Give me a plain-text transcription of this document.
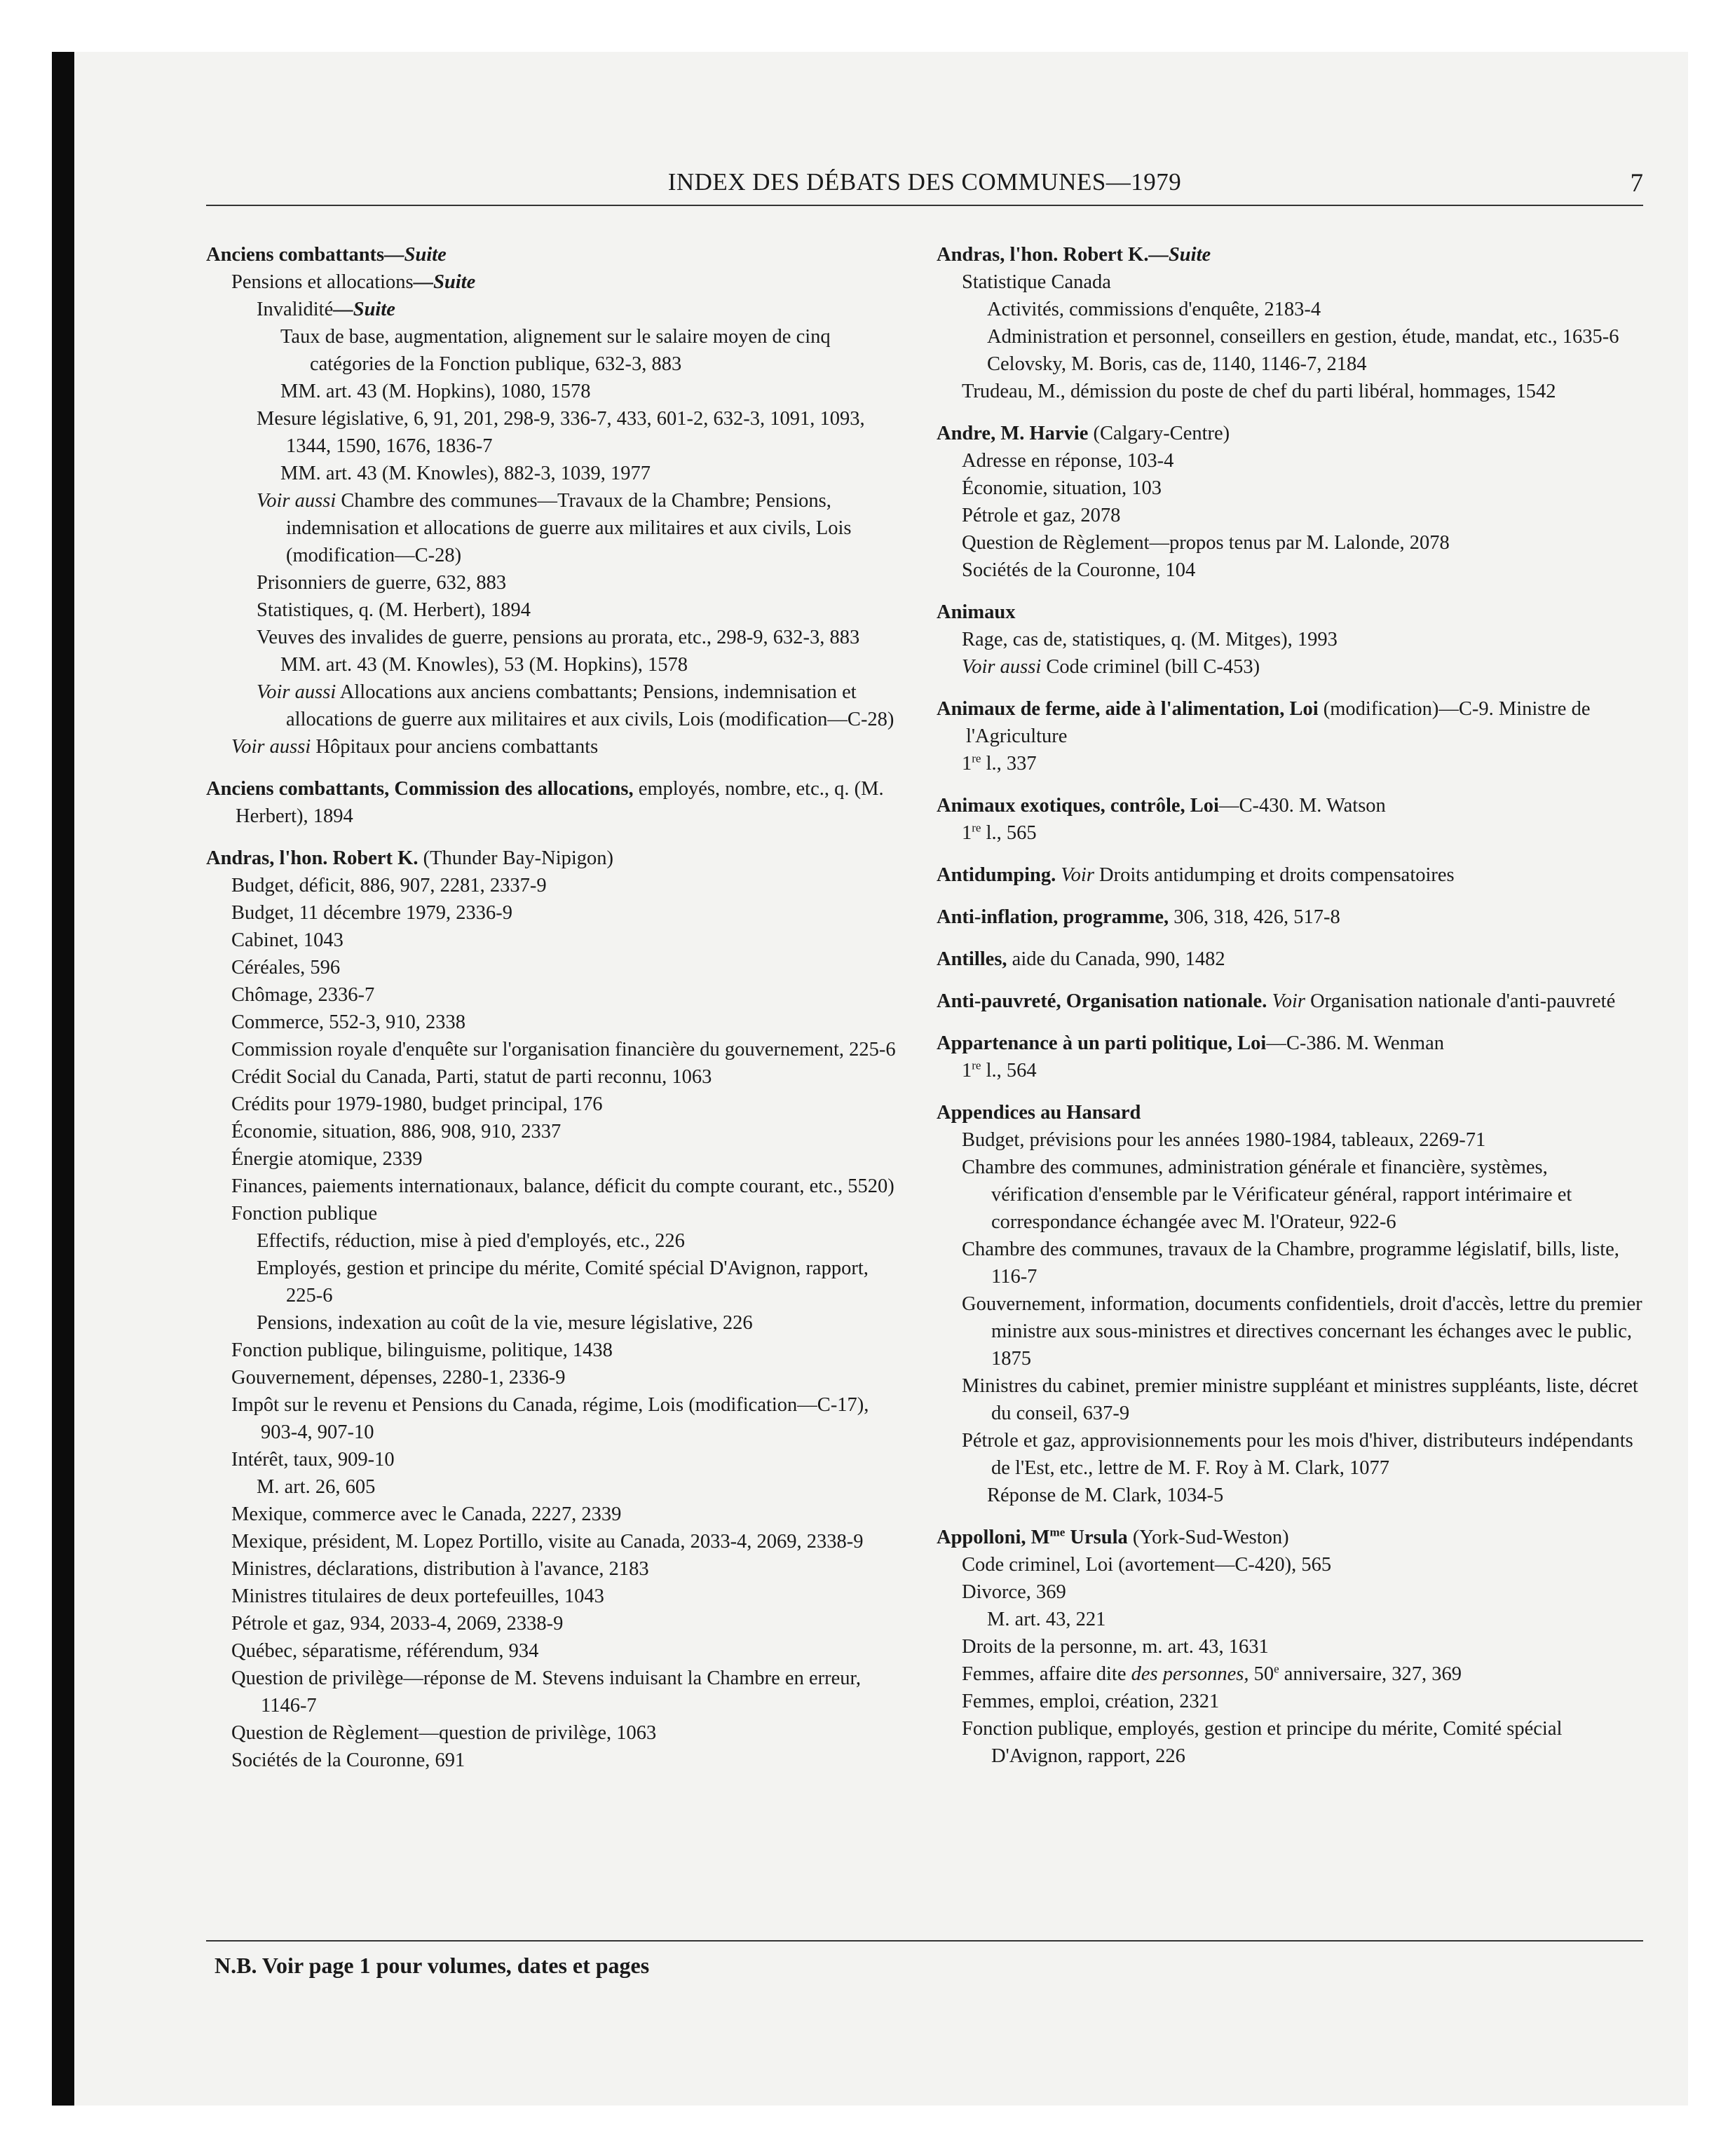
INDEX DES DÉBATS DES COMMUNES—1979	7
Anciens combattants—Suite
Pensions et allocations—Suite
Invalidité—Suite
Taux de base, augmentation, alignement sur le salaire moyen de cinq catégories de la Fonction publique, 632-3, 883
MM. art. 43 (M. Hopkins), 1080, 1578
Mesure législative, 6, 91, 201, 298-9, 336-7, 433, 601-2, 632-3, 1091, 1093, 1344, 1590, 1676, 1836-7
MM. art. 43 (M. Knowles), 882-3, 1039, 1977
Voir aussi Chambre des communes—Travaux de la Chambre; Pensions, indemnisation et allocations de guerre aux militaires et aux civils, Lois (modification—C-28)
Prisonniers de guerre, 632, 883
Statistiques, q. (M. Herbert), 1894
Veuves des invalides de guerre, pensions au prorata, etc., 298-9, 632-3, 883
MM. art. 43 (M. Knowles), 53 (M. Hopkins), 1578
Voir aussi Allocations aux anciens combattants; Pensions, indemnisation et allocations de guerre aux militaires et aux civils, Lois (modification—C-28)
Voir aussi Hôpitaux pour anciens combattants
Anciens combattants, Commission des allocations, employés, nombre, etc., q. (M. Herbert), 1894
Andras, l'hon. Robert K. (Thunder Bay-Nipigon)
Budget, déficit, 886, 907, 2281, 2337-9
Budget, 11 décembre 1979, 2336-9
Cabinet, 1043
Céréales, 596
Chômage, 2336-7
Commerce, 552-3, 910, 2338
Commission royale d'enquête sur l'organisation financière du gouvernement, 225-6
Crédit Social du Canada, Parti, statut de parti reconnu, 1063
Crédits pour 1979-1980, budget principal, 176
Économie, situation, 886, 908, 910, 2337
Énergie atomique, 2339
Finances, paiements internationaux, balance, déficit du compte courant, etc., 5520)
Fonction publique
Effectifs, réduction, mise à pied d'employés, etc., 226
Employés, gestion et principe du mérite, Comité spécial D'Avignon, rapport, 225-6
Pensions, indexation au coût de la vie, mesure législative, 226
Fonction publique, bilinguisme, politique, 1438
Gouvernement, dépenses, 2280-1, 2336-9
Impôt sur le revenu et Pensions du Canada, régime, Lois (modification—C-17), 903-4, 907-10
Intérêt, taux, 909-10
M. art. 26, 605
Mexique, commerce avec le Canada, 2227, 2339
Mexique, président, M. Lopez Portillo, visite au Canada, 2033-4, 2069, 2338-9
Ministres, déclarations, distribution à l'avance, 2183
Ministres titulaires de deux portefeuilles, 1043
Pétrole et gaz, 934, 2033-4, 2069, 2338-9
Québec, séparatisme, référendum, 934
Question de privilège—réponse de M. Stevens induisant la Chambre en erreur, 1146-7
Question de Règlement—question de privilège, 1063
Sociétés de la Couronne, 691
Andras, l'hon. Robert K.—Suite
Statistique Canada
Activités, commissions d'enquête, 2183-4
Administration et personnel, conseillers en gestion, étude, mandat, etc., 1635-6
Celovsky, M. Boris, cas de, 1140, 1146-7, 2184
Trudeau, M., démission du poste de chef du parti libéral, hommages, 1542
Andre, M. Harvie (Calgary-Centre)
Adresse en réponse, 103-4
Économie, situation, 103
Pétrole et gaz, 2078
Question de Règlement—propos tenus par M. Lalonde, 2078
Sociétés de la Couronne, 104
Animaux
Rage, cas de, statistiques, q. (M. Mitges), 1993
Voir aussi Code criminel (bill C-453)
Animaux de ferme, aide à l'alimentation, Loi (modification)—C-9. Ministre de l'Agriculture
1re l., 337
Animaux exotiques, contrôle, Loi—C-430. M. Watson
1re l., 565
Antidumping. Voir Droits antidumping et droits compensatoires
Anti-inflation, programme, 306, 318, 426, 517-8
Antilles, aide du Canada, 990, 1482
Anti-pauvreté, Organisation nationale. Voir Organisation nationale d'anti-pauvreté
Appartenance à un parti politique, Loi—C-386. M. Wenman
1re l., 564
Appendices au Hansard
Budget, prévisions pour les années 1980-1984, tableaux, 2269-71
Chambre des communes, administration générale et financière, systèmes, vérification d'ensemble par le Vérificateur général, rapport intérimaire et correspondance échangée avec M. l'Orateur, 922-6
Chambre des communes, travaux de la Chambre, programme législatif, bills, liste, 116-7
Gouvernement, information, documents confidentiels, droit d'accès, lettre du premier ministre aux sous-ministres et directives concernant les échanges avec le public, 1875
Ministres du cabinet, premier ministre suppléant et ministres suppléants, liste, décret du conseil, 637-9
Pétrole et gaz, approvisionnements pour les mois d'hiver, distributeurs indépendants de l'Est, etc., lettre de M. F. Roy à M. Clark, 1077
Réponse de M. Clark, 1034-5
Appolloni, $M^{me}$ Ursula (York-Sud-Weston)
Code criminel, Loi (avortement—C-420), 565
Divorce, 369
M. art. 43, 221
Droits de la personne, m. art. 43, 1631
Femmes, affaire dite des personnes, 50e anniversaire, 327, 369
Femmes, emploi, création, 2321
Fonction publique, employés, gestion et principe du mérite, Comité spécial D'Avignon, rapport, 226
N.B. Voir page 1 pour volumes, dates et pages
